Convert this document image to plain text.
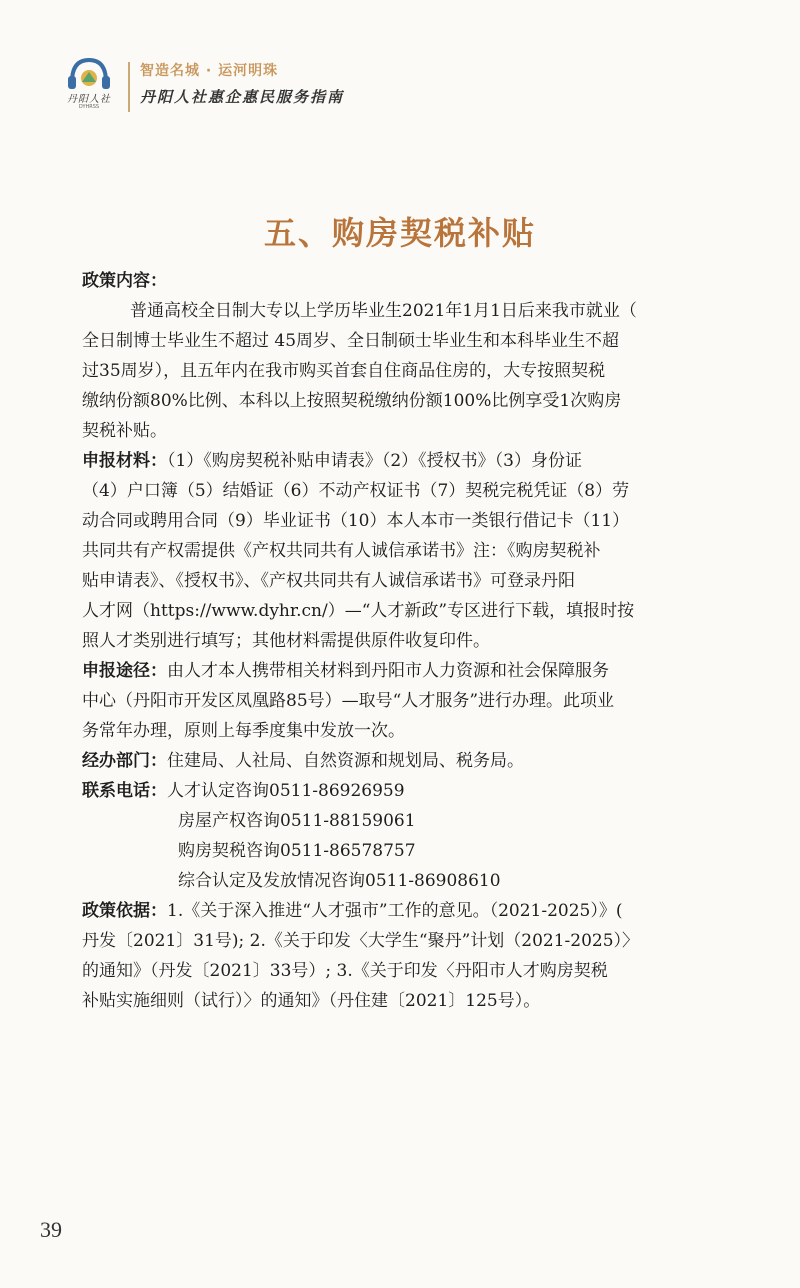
丹阳人社
DYHRSS
智造名城 · 运河明珠
丹阳人社惠企惠民服务指南
五、购房契税补贴
政策内容：
普通高校全日制大专以上学历毕业生2021年1月1日后来我市就业（
全日制博士毕业生不超过 45周岁、全日制硕士毕业生和本科毕业生不超
过35周岁），且五年内在我市购买首套自住商品住房的，大专按照契税
缴纳份额80%比例、本科以上按照契税缴纳份额100%比例享受1次购房
契税补贴。
申报材料：（1）《购房契税补贴申请表》（2）《授权书》（3）身份证
（4）户口簿（5）结婚证（6）不动产权证书（7）契税完税凭证（8）劳
动合同或聘用合同（9）毕业证书（10）本人本市一类银行借记卡（11）
共同共有产权需提供《产权共同共有人诚信承诺书》注：《购房契税补
贴申请表》、《授权书》、《产权共同共有人诚信承诺书》可登录丹阳
人才网（https://www.dyhr.cn/）—“人才新政”专区进行下载，填报时按
照人才类别进行填写；其他材料需提供原件收复印件。
申报途径：由人才本人携带相关材料到丹阳市人力资源和社会保障服务
中心（丹阳市开发区凤凰路85号）—取号“人才服务”进行办理。此项业
务常年办理，原则上每季度集中发放一次。
经办部门：住建局、人社局、自然资源和规划局、税务局。
联系电话：人才认定咨询0511-86926959
房屋产权咨询0511-88159061
购房契税咨询0511-86578757
综合认定及发放情况咨询0511-86908610
政策依据：1.《关于深入推进“人才强市”工作的意见。（2021-2025）》(
丹发〔2021〕31号); 2.《关于印发〈大学生“聚丹”计划（2021-2025）〉
的通知》（丹发〔2021〕33号）; 3.《关于印发〈丹阳市人才购房契税
补贴实施细则（试行）〉的通知》（丹住建〔2021〕125号）。
39
